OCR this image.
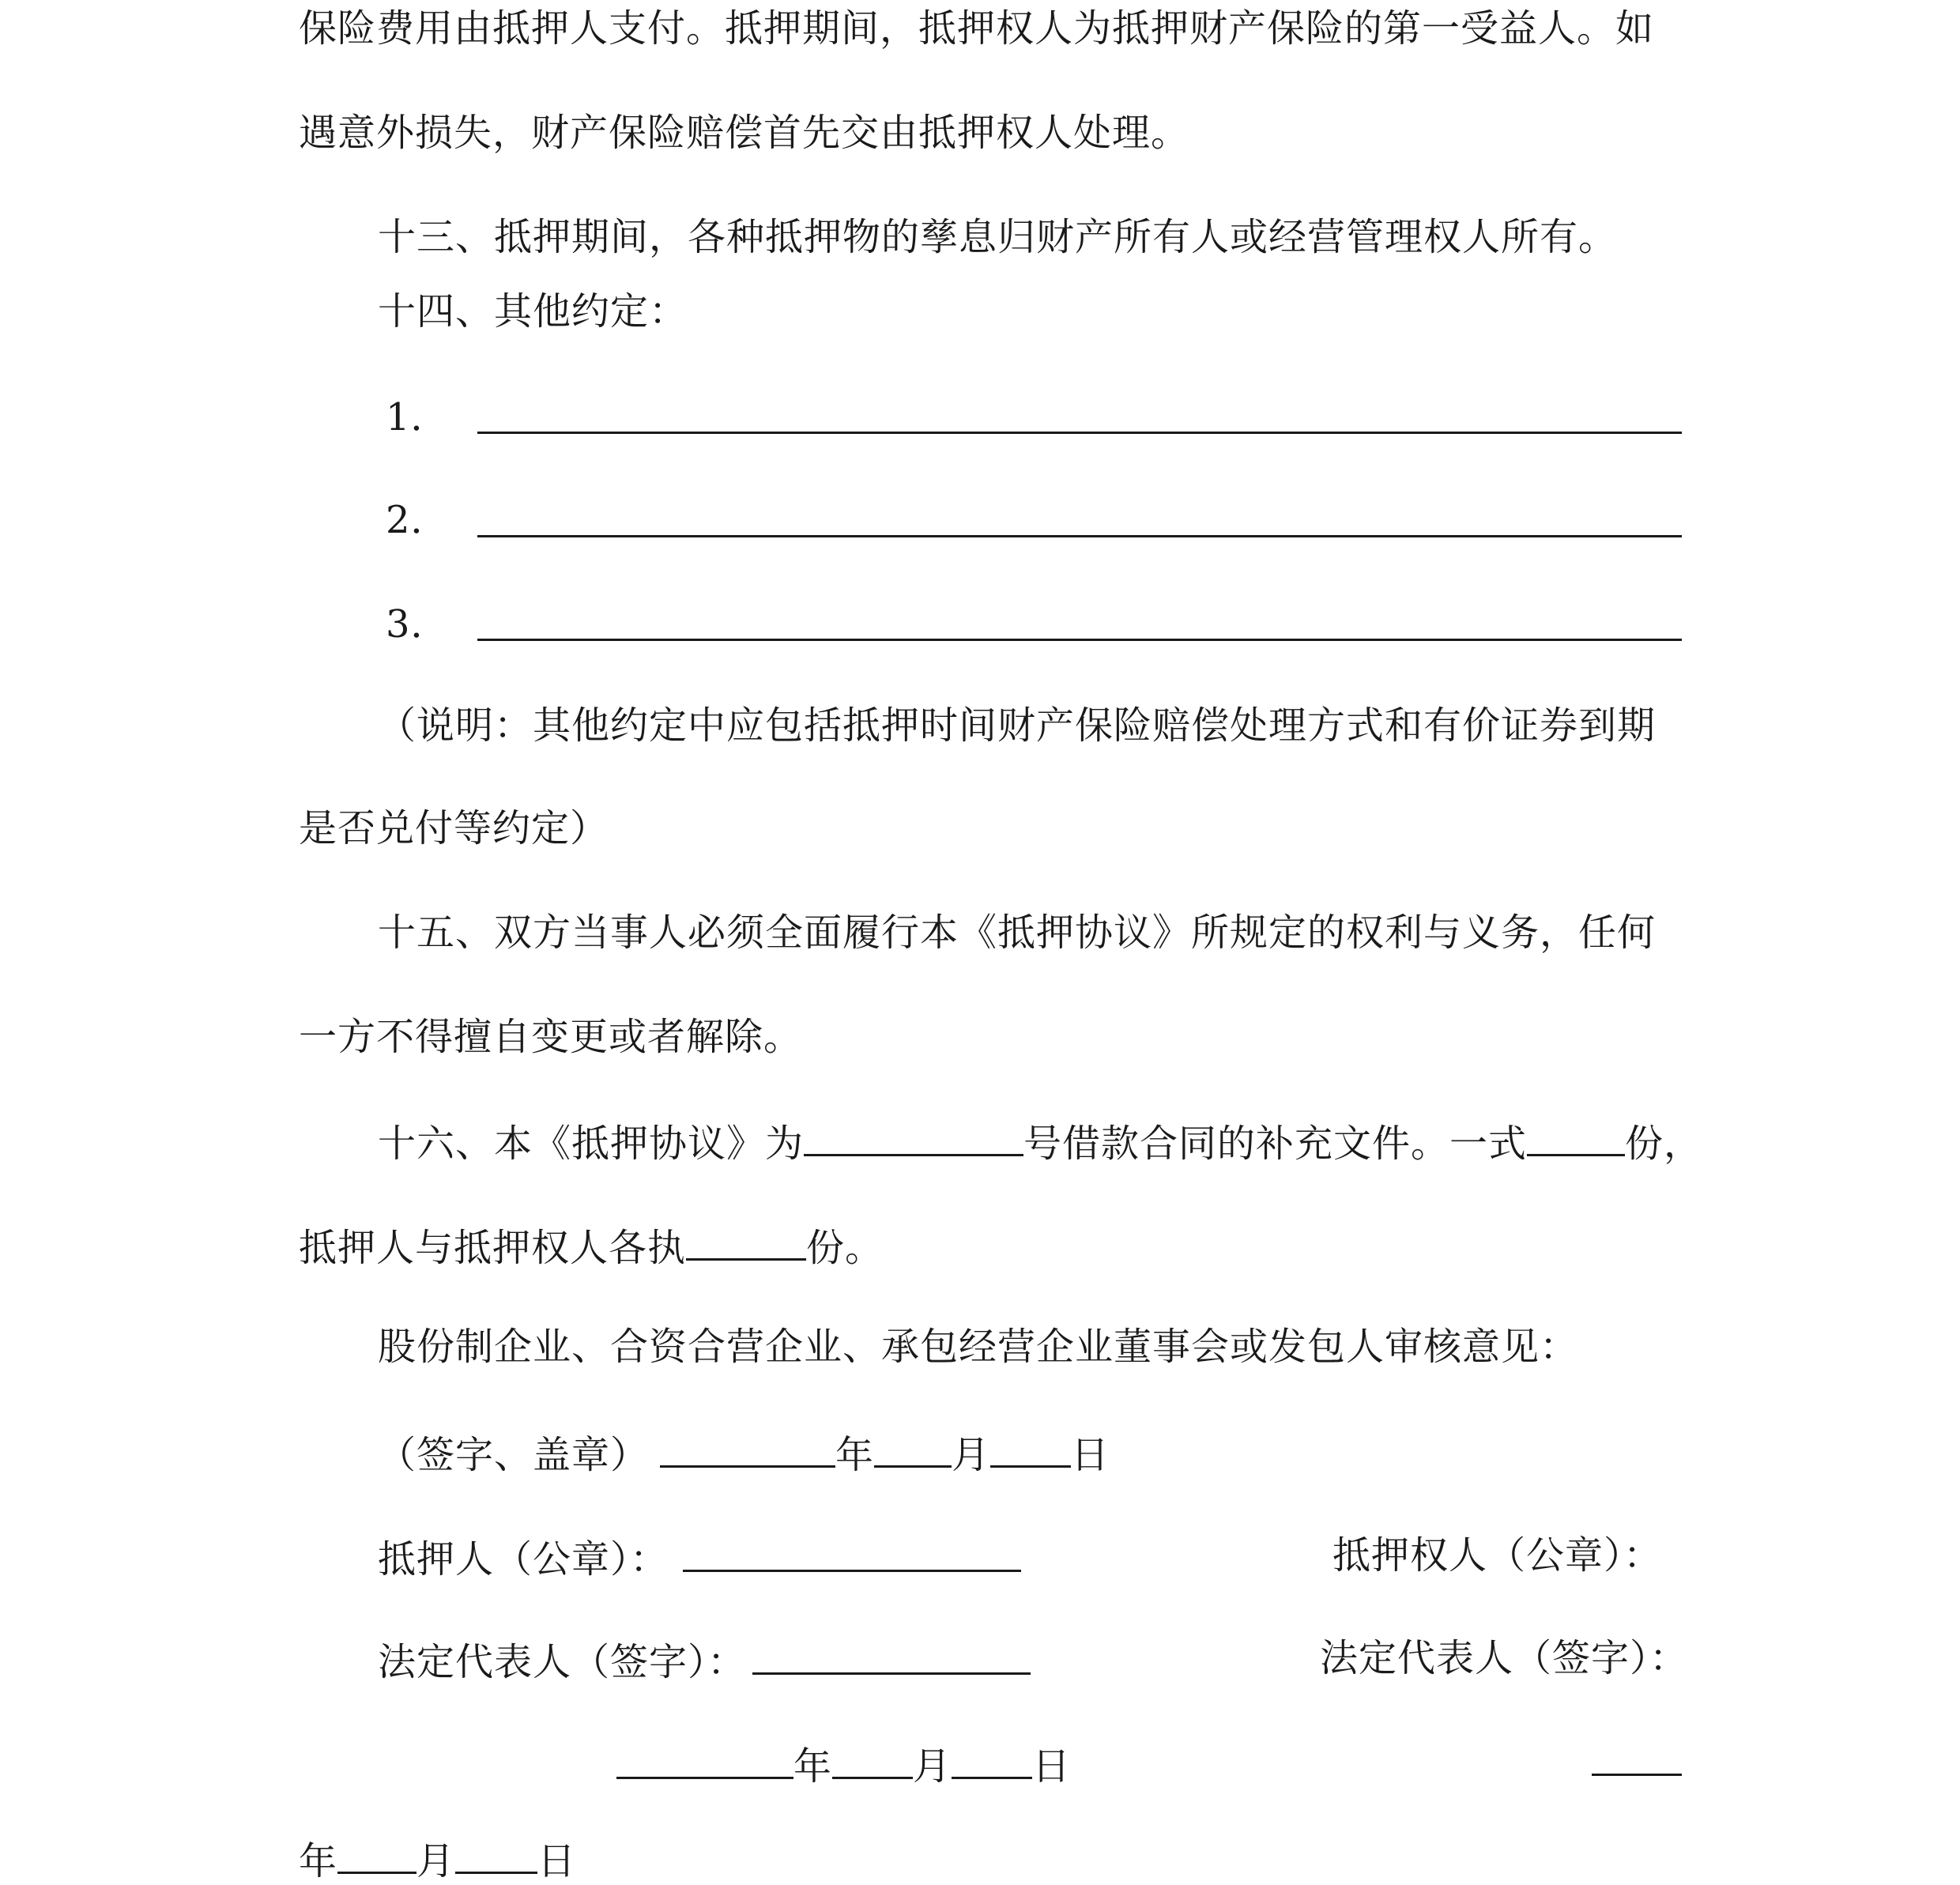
保险费用由抵押人支付。抵押期间，抵押权人为抵押财产保险的第一受益人。如
遇意外损失，财产保险赔偿首先交由抵押权人处理。
十三、抵押期间，各种抵押物的孳息归财产所有人或经营管理权人所有。
十四、其他约定：
1．
2．
3．
（说明：其他约定中应包括抵押时间财产保险赔偿处理方式和有价证券到期
是否兑付等约定）
十五、双方当事人必须全面履行本《抵押协议》所规定的权利与义务，任何
一方不得擅自变更或者解除。
十六、本《抵押协议》为	号借款合同的补充文件。一式	份，
抵押人与抵押权人各执	份。
股份制企业、合资合营企业、承包经营企业董事会或发包人审核意见：
（签字、盖章）	年 月 日
抵押人（公章）：	抵押权人（公章）：
法定代表人（签字）：	法定代表人（签字）：
年 月 日
年 月 日
